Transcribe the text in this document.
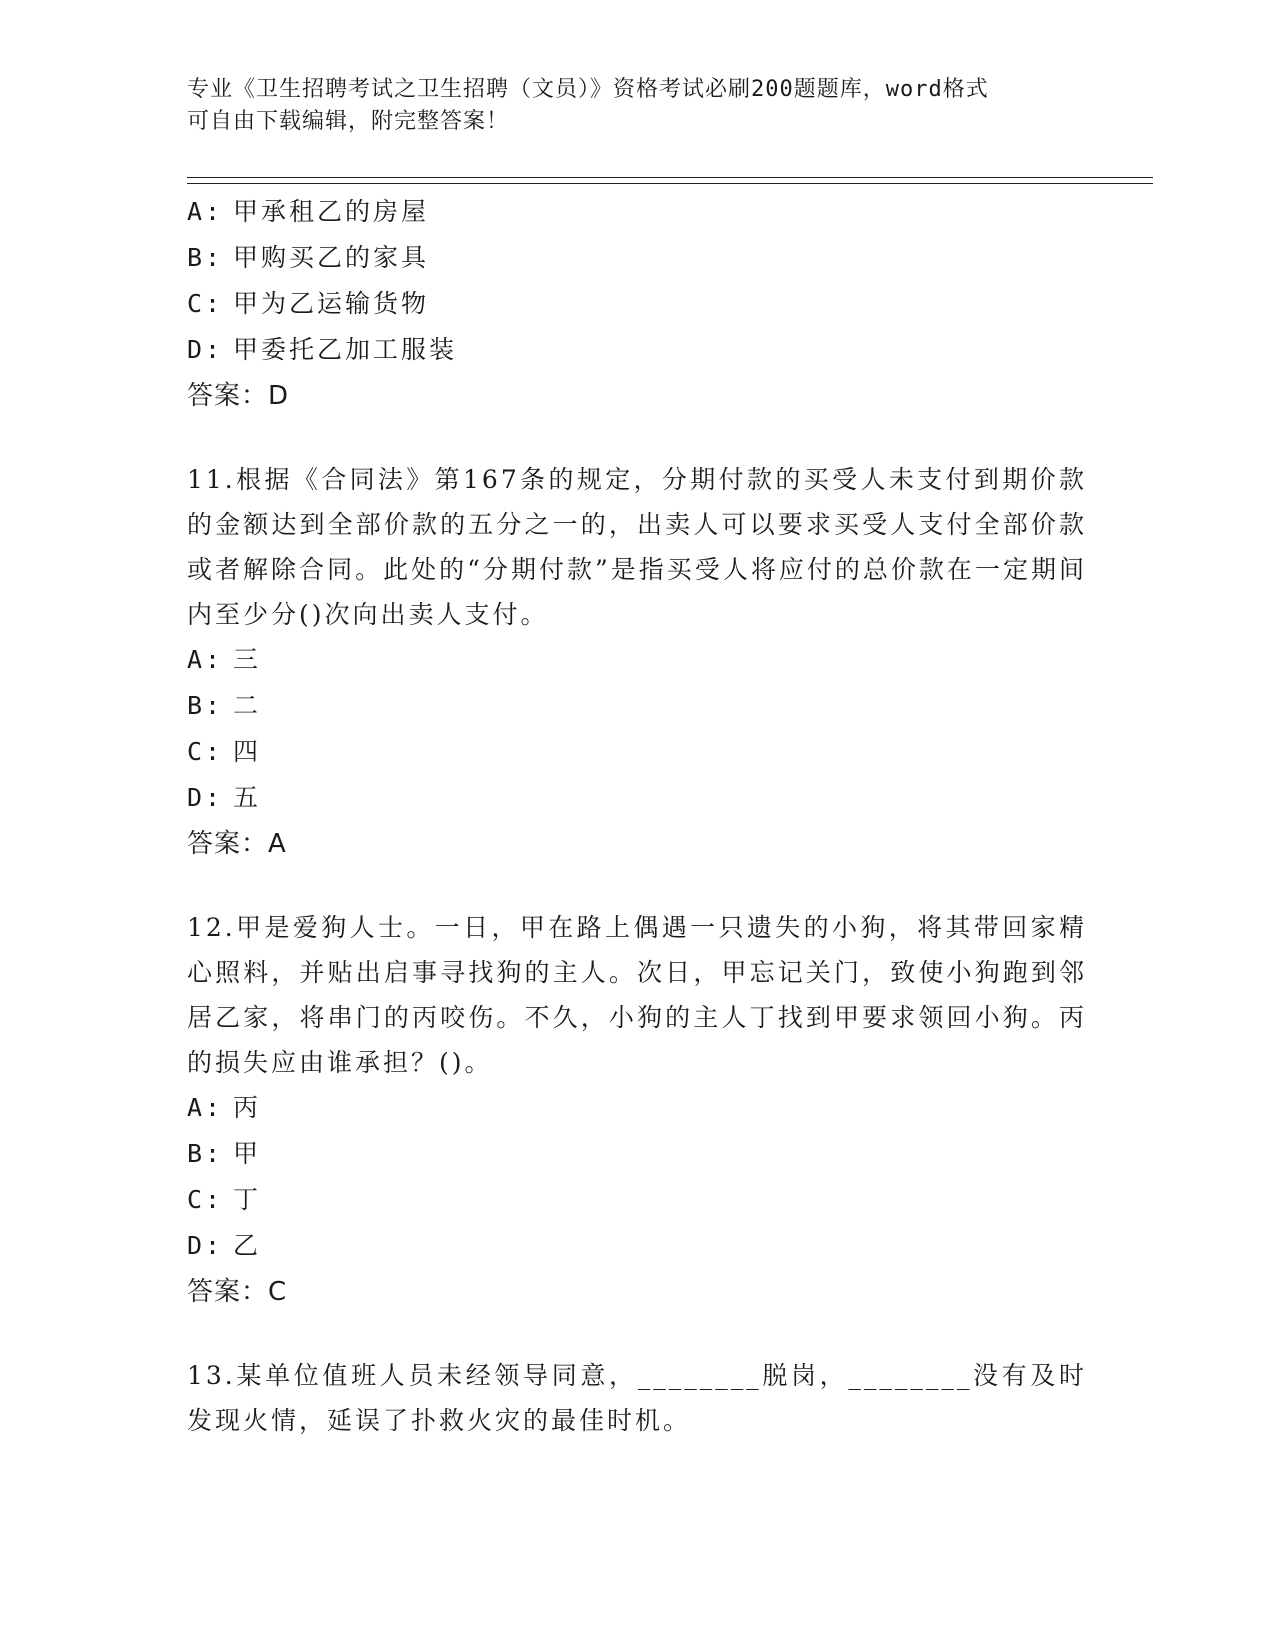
专业《卫生招聘考试之卫生招聘（文员）》资格考试必刷200题题库，word格式
可自由下载编辑，附完整答案！
A: 甲承租乙的房屋
B: 甲购买乙的家具
C: 甲为乙运输货物
D: 甲委托乙加工服装
答案：D
11.根据《合同法》第167条的规定，分期付款的买受人未支付到期价款的金额达到全部价款的五分之一的，出卖人可以要求买受人支付全部价款或者解除合同。此处的“分期付款”是指买受人将应付的总价款在一定期间内至少分()次向出卖人支付。
A: 三
B: 二
C: 四
D: 五
答案：A
12.甲是爱狗人士。一日，甲在路上偶遇一只遗失的小狗，将其带回家精心照料，并贴出启事寻找狗的主人。次日，甲忘记关门，致使小狗跑到邻居乙家，将串门的丙咬伤。不久，小狗的主人丁找到甲要求领回小狗。丙的损失应由谁承担？()。
A: 丙
B: 甲
C: 丁
D: 乙
答案：C
13.某单位值班人员未经领导同意，________脱岗，________没有及时发现火情，延误了扑救火灾的最佳时机。
